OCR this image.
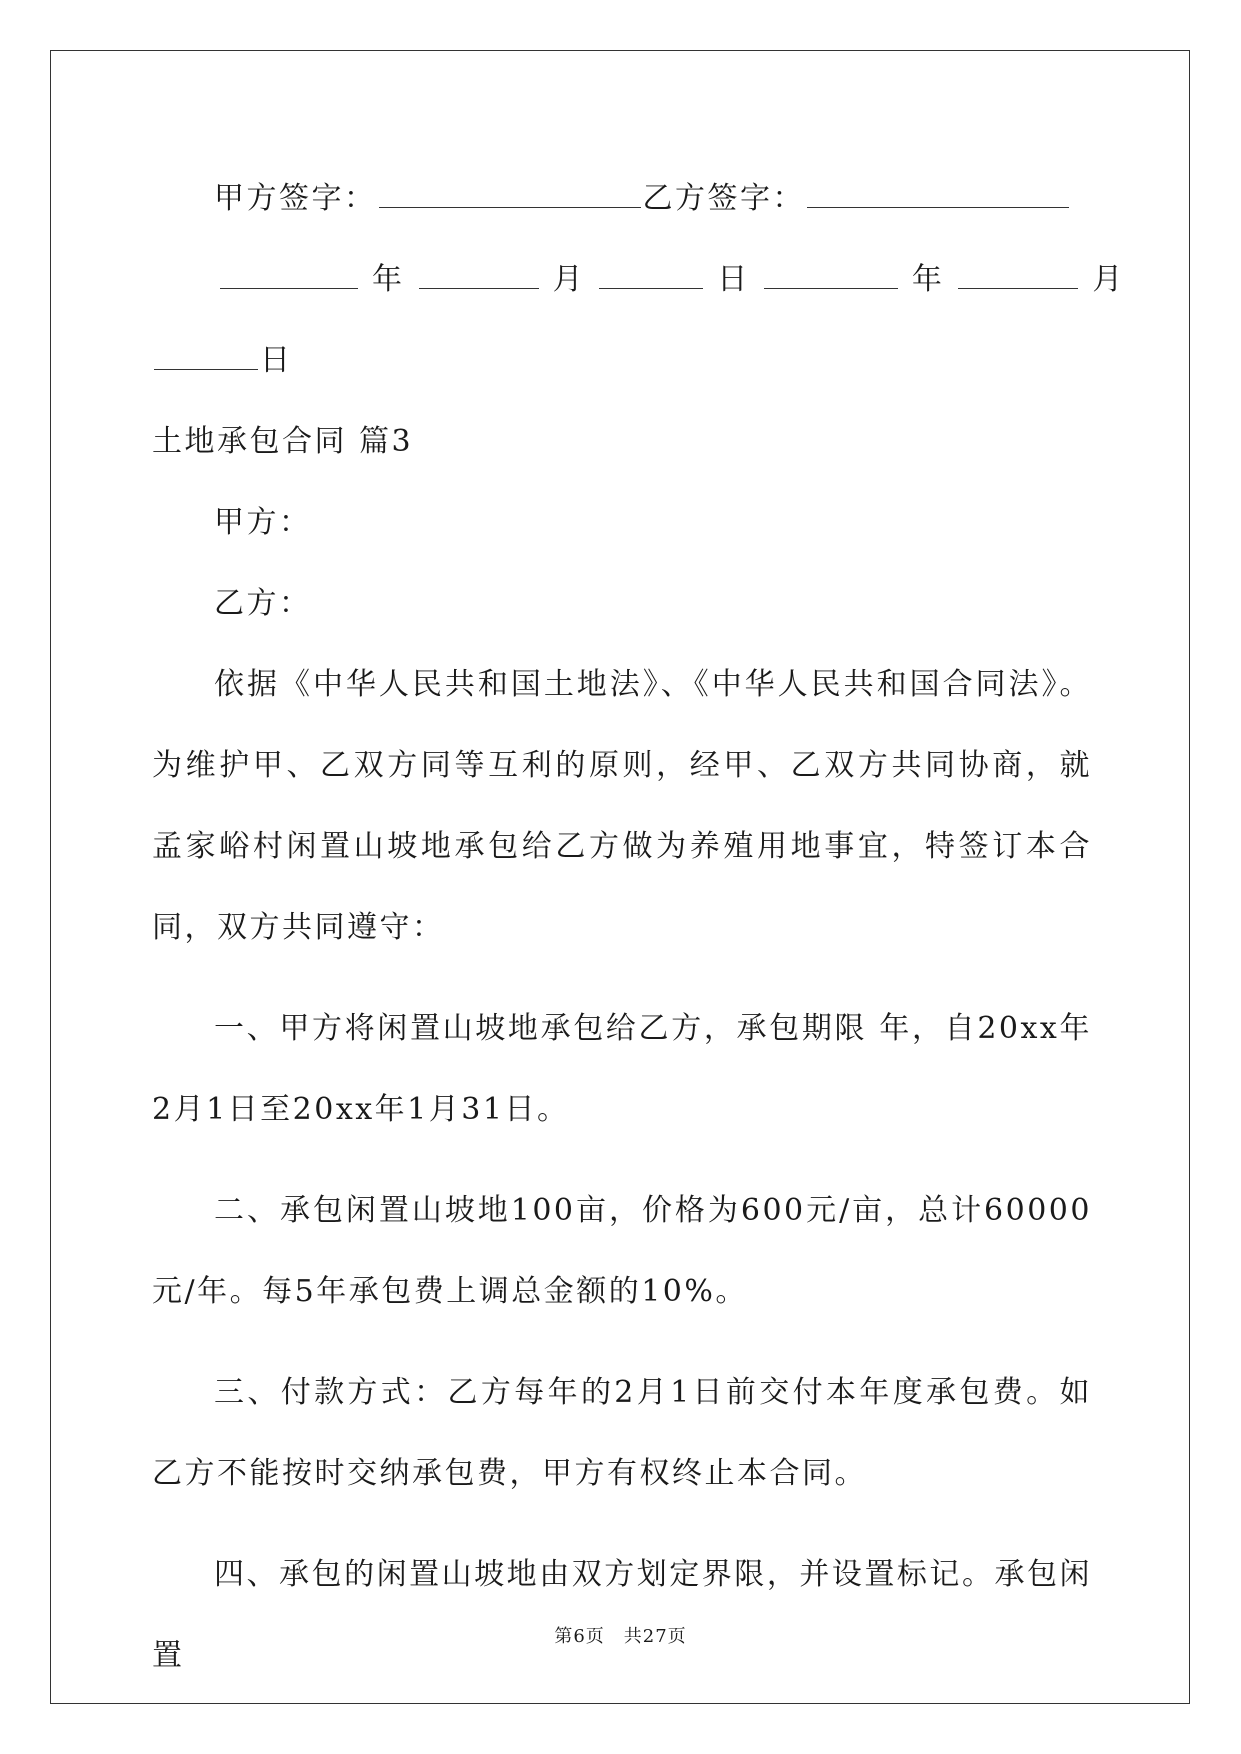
甲方签字：	乙方签字：
年	月	日	年	月
日
土地承包合同 篇3
甲方：
乙方：
依据《中华人民共和国土地法》、《中华人民共和国合同法》。为维护甲、乙双方同等互利的原则，经甲、乙双方共同协商，就孟家峪村闲置山坡地承包给乙方做为养殖用地事宜，特签订本合同，双方共同遵守：
一、甲方将闲置山坡地承包给乙方，承包期限 年，自20xx年2月1日至20xx年1月31日。
二、承包闲置山坡地100亩，价格为600元/亩，总计60000元/年。每5年承包费上调总金额的10%。
三、付款方式：乙方每年的2月1日前交付本年度承包费。如乙方不能按时交纳承包费，甲方有权终止本合同。
四、承包的闲置山坡地由双方划定界限，并设置标记。承包闲置
第6页　共27页
